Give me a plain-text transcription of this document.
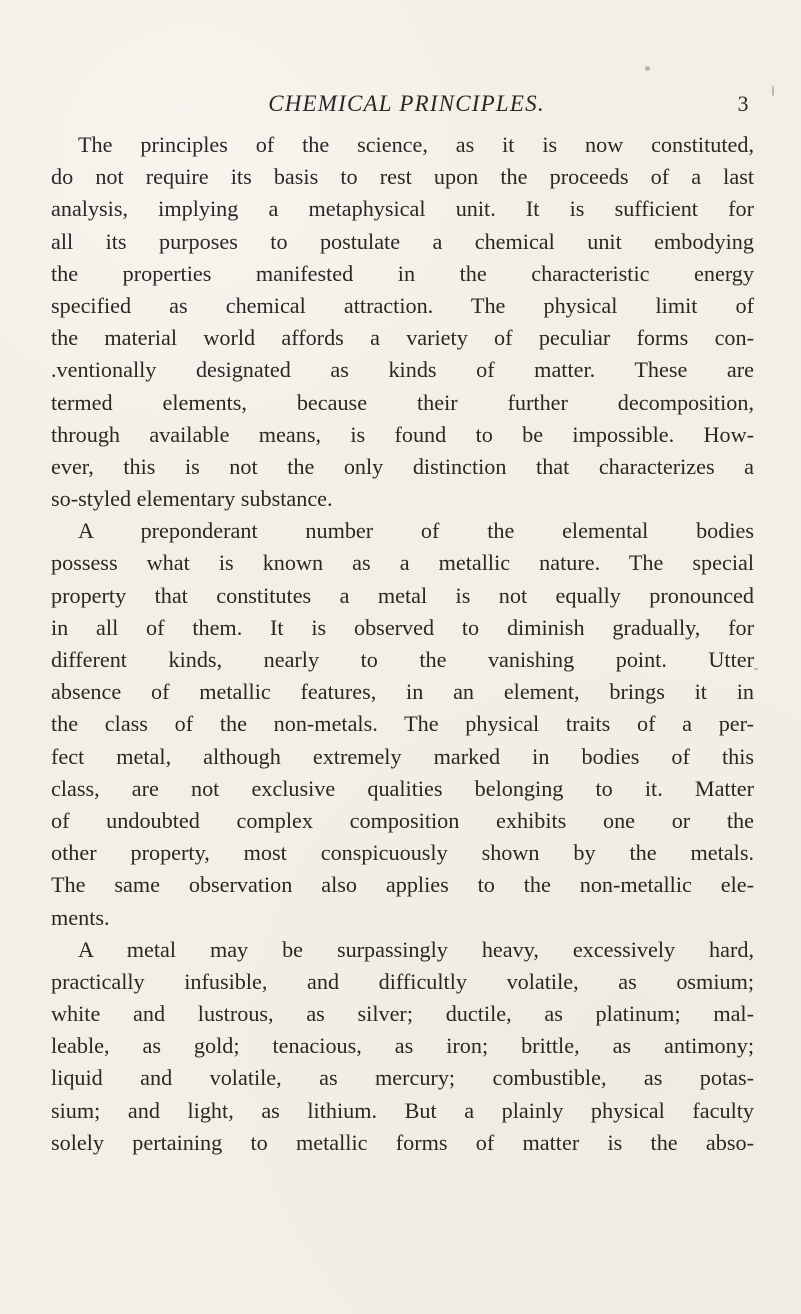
CHEMICAL PRINCIPLES.	3
The principles of the science, as it is now constituted,
do not require its basis to rest upon the proceeds of a last
analysis, implying a metaphysical unit. It is sufficient for
all its purposes to postulate a chemical unit embodying
the properties manifested in the characteristic energy
specified as chemical attraction. The physical limit of
the material world affords a variety of peculiar forms con-
.ventionally designated as kinds of matter. These are
termed elements, because their further decomposition,
through available means, is found to be impossible. How-
ever, this is not the only distinction that characterizes a
so-styled elementary substance.
A preponderant number of the elemental bodies
possess what is known as a metallic nature. The special
property that constitutes a metal is not equally pronounced
in all of them. It is observed to diminish gradually, for
different kinds, nearly to the vanishing point. Utter
absence of metallic features, in an element, brings it in
the class of the non-metals. The physical traits of a per-
fect metal, although extremely marked in bodies of this
class, are not exclusive qualities belonging to it. Matter
of undoubted complex composition exhibits one or the
other property, most conspicuously shown by the metals.
The same observation also applies to the non-metallic ele-
ments.
A metal may be surpassingly heavy, excessively hard,
practically infusible, and difficultly volatile, as osmium;
white and lustrous, as silver; ductile, as platinum; mal-
leable, as gold; tenacious, as iron; brittle, as antimony;
liquid and volatile, as mercury; combustible, as potas-
sium; and light, as lithium. But a plainly physical faculty
solely pertaining to metallic forms of matter is the abso-
